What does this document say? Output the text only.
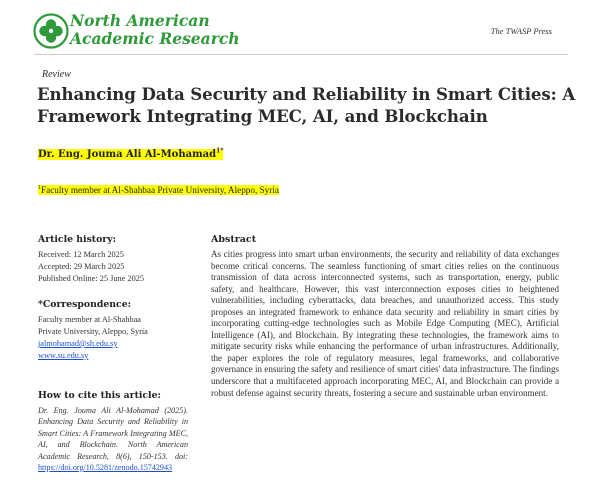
North American
Academic Research	The TWASP Press
Review
Enhancing Data Security and Reliability in Smart Cities: A
Framework Integrating MEC, AI, and Blockchain
Dr. Eng. Jouma Ali Al-Mohamad$^{1*}$
$^1$Faculty member at Al-Shahbaa Private University, Aleppo, Syria
Article history:
Received: 12 March 2025
Accepted: 29 March 2025
Published Online: 25 June 2025
*Correspondence:
Faculty member at Al-Shahbaa
Private University, Aleppo, Syria
jalmohamad@sh.edu.sy
www.su.edu.sy
How to cite this article:
Dr. Eng. Jouma Ali Al-Mohamad (2025). Enhancing Data Security and Reliability in Smart Cities: A Framework Integrating MEC, AI, and Blockchain. North American Academic Research, 8(6), 150-153. doi: https://doi.org/10.5281/zenodo.15742943
Abstract
As cities progress into smart urban environments, the security and reliability of data exchanges become critical concerns. The seamless functioning of smart cities relies on the continuous transmission of data across interconnected systems, such as transportation, energy, public safety, and healthcare. However, this vast interconnection exposes cities to heightened vulnerabilities, including cyberattacks, data breaches, and unauthorized access. This study proposes an integrated framework to enhance data security and reliability in smart cities by incorporating cutting-edge technologies such as Mobile Edge Computing (MEC), Artificial Intelligence (AI), and Blockchain. By integrating these technologies, the framework aims to mitigate security risks while enhancing the performance of urban infrastructures. Additionally, the paper explores the role of regulatory measures, legal frameworks, and collaborative governance in ensuring the safety and resilience of smart cities' data infrastructure. The findings underscore that a multifaceted approach incorporating MEC, AI, and Blockchain can provide a robust defense against security threats, fostering a secure and sustainable urban environment.
